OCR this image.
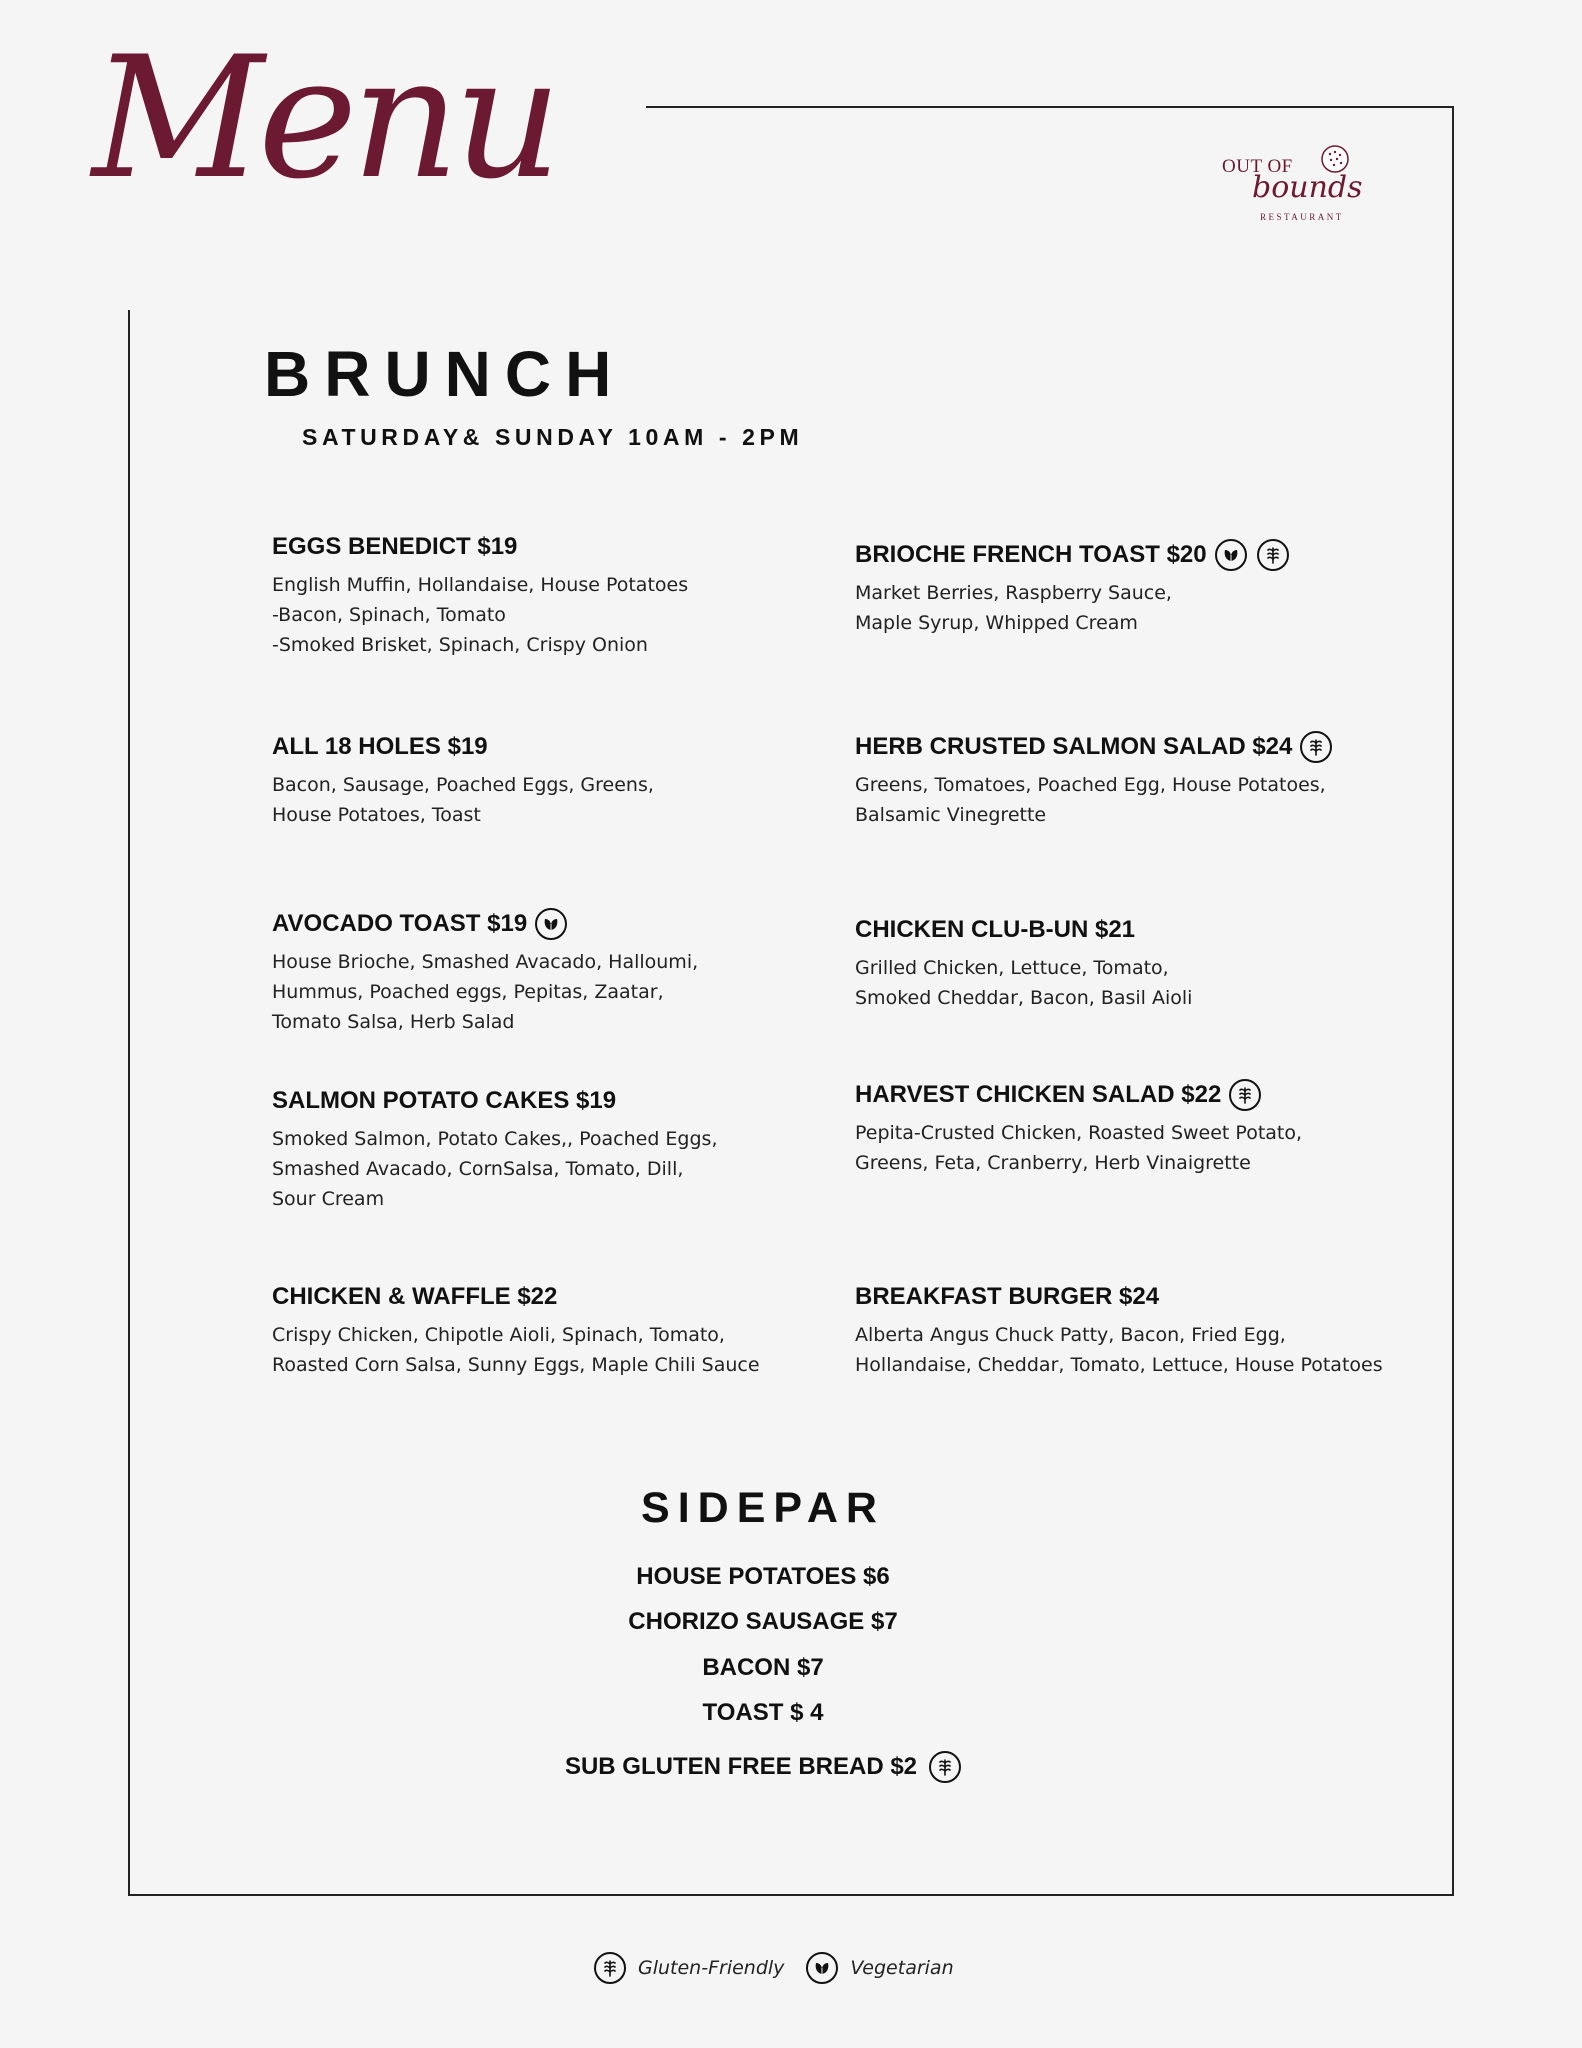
Menu	OUT OF
bounds
RESTAURANT
BRUNCH
SATURDAY& SUNDAY 10AM - 2PM
EGGS BENEDICT $19
English Muffin, Hollandaise, House Potatoes
-Bacon, Spinach, Tomato
-Smoked Brisket, Spinach, Crispy Onion
ALL 18 HOLES $19
Bacon, Sausage, Poached Eggs, Greens,
House Potatoes, Toast
AVOCADO TOAST $19
House Brioche, Smashed Avacado, Halloumi,
Hummus, Poached eggs, Pepitas, Zaatar,
Tomato Salsa, Herb Salad
SALMON POTATO CAKES $19
Smoked Salmon, Potato Cakes,, Poached Eggs,
Smashed Avacado, CornSalsa, Tomato, Dill,
Sour Cream
CHICKEN & WAFFLE $22
Crispy Chicken, Chipotle Aioli, Spinach, Tomato,
Roasted Corn Salsa, Sunny Eggs, Maple Chili Sauce
BRIOCHE FRENCH TOAST $20
Market Berries, Raspberry Sauce,
Maple Syrup, Whipped Cream
HERB CRUSTED SALMON SALAD $24
Greens, Tomatoes, Poached Egg, House Potatoes,
Balsamic Vinegrette
CHICKEN CLU-B-UN $21
Grilled Chicken, Lettuce, Tomato,
Smoked Cheddar, Bacon, Basil Aioli
HARVEST CHICKEN SALAD $22
Pepita-Crusted Chicken, Roasted Sweet Potato,
Greens, Feta, Cranberry, Herb Vinaigrette
BREAKFAST BURGER $24
Alberta Angus Chuck Patty, Bacon, Fried Egg,
Hollandaise, Cheddar, Tomato, Lettuce, House Potatoes
SIDEPAR
HOUSE POTATOES $6
CHORIZO SAUSAGE $7
BACON $7
TOAST $ 4
SUB GLUTEN FREE BREAD $2
Gluten-Friendly	Vegetarian
